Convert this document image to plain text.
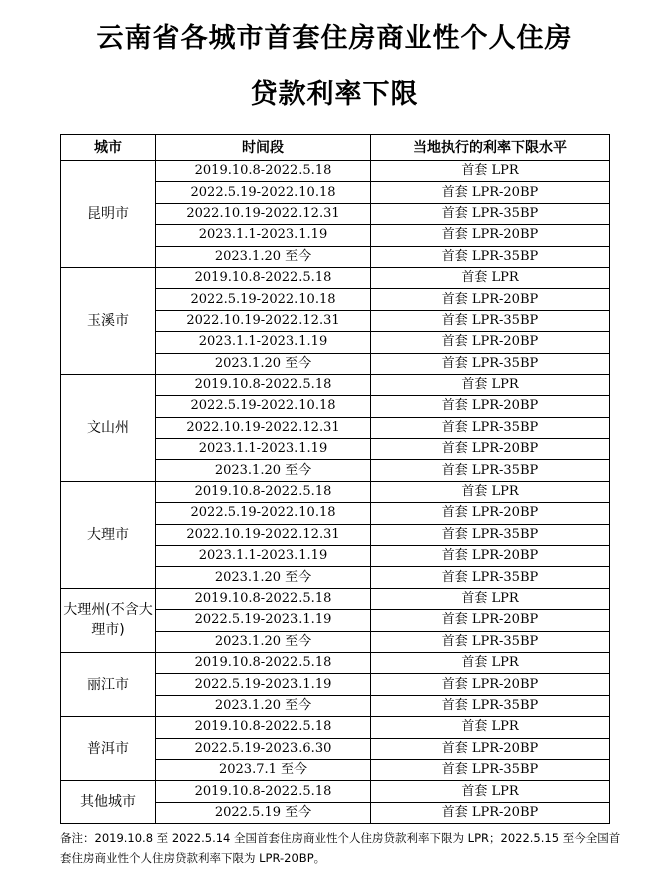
云南省各城市首套住房商业性个人住房
贷款利率下限
城市	时间段	当地执行的利率下限水平
昆明市	2019.10.8-2022.5.18	首套 LPR
	2022.5.19-2022.10.18	首套 LPR-20BP
	2022.10.19-2022.12.31	首套 LPR-35BP
	2023.1.1-2023.1.19	首套 LPR-20BP
	2023.1.20 至今	首套 LPR-35BP
玉溪市	2019.10.8-2022.5.18	首套 LPR
	2022.5.19-2022.10.18	首套 LPR-20BP
	2022.10.19-2022.12.31	首套 LPR-35BP
	2023.1.1-2023.1.19	首套 LPR-20BP
	2023.1.20 至今	首套 LPR-35BP
文山州	2019.10.8-2022.5.18	首套 LPR
	2022.5.19-2022.10.18	首套 LPR-20BP
	2022.10.19-2022.12.31	首套 LPR-35BP
	2023.1.1-2023.1.19	首套 LPR-20BP
	2023.1.20 至今	首套 LPR-35BP
大理市	2019.10.8-2022.5.18	首套 LPR
	2022.5.19-2022.10.18	首套 LPR-20BP
	2022.10.19-2022.12.31	首套 LPR-35BP
	2023.1.1-2023.1.19	首套 LPR-20BP
	2023.1.20 至今	首套 LPR-35BP
大理州(不含大理市)	2019.10.8-2022.5.18	首套 LPR
	2022.5.19-2023.1.19	首套 LPR-20BP
	2023.1.20 至今	首套 LPR-35BP
丽江市	2019.10.8-2022.5.18	首套 LPR
	2022.5.19-2023.1.19	首套 LPR-20BP
	2023.1.20 至今	首套 LPR-35BP
普洱市	2019.10.8-2022.5.18	首套 LPR
	2022.5.19-2023.6.30	首套 LPR-20BP
	2023.7.1 至今	首套 LPR-35BP
其他城市	2019.10.8-2022.5.18	首套 LPR
	2022.5.19 至今	首套 LPR-20BP
备注：2019.10.8 至 2022.5.14 全国首套住房商业性个人住房贷款利率下限为 LPR；2022.5.15 至今全国首套住房商业性个人住房贷款利率下限为 LPR-20BP。
